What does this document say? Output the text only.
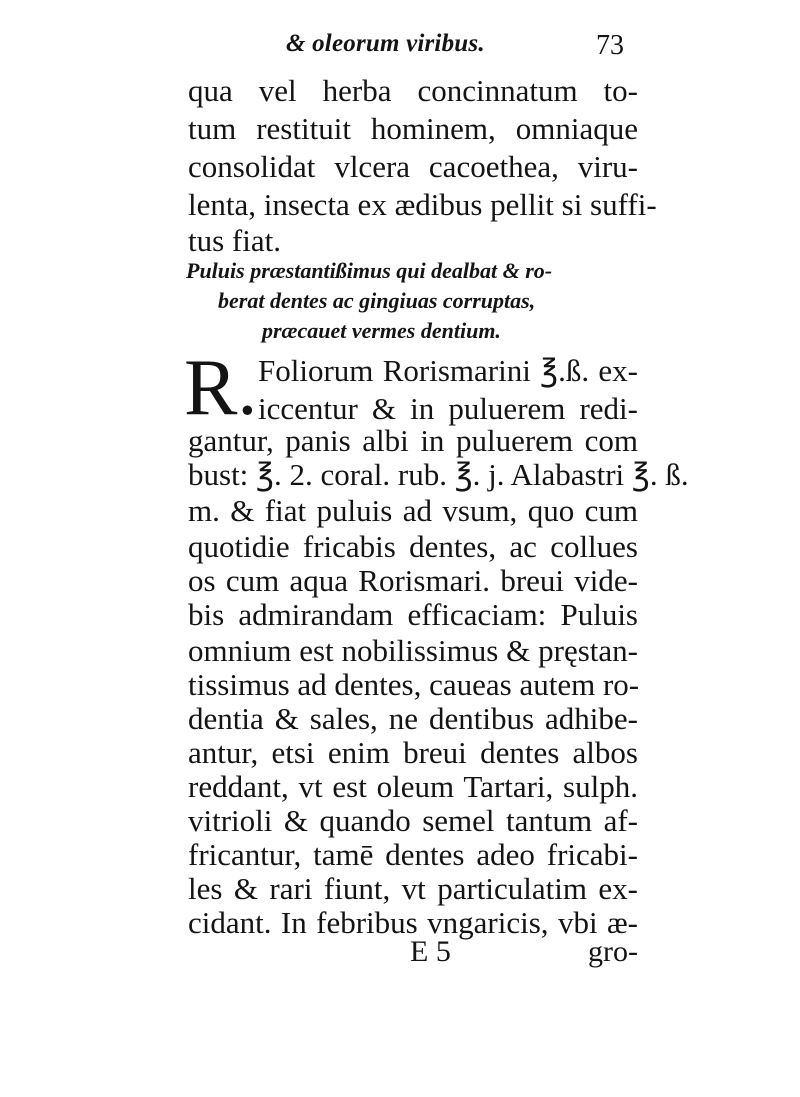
& oleorum viribus.	73
qua vel herba concinnatum to-
tum restituit hominem, omniaque
consolidat vlcera cacoethea, viru-
lenta, insecta ex ædibus pellit si suffi-
tus fiat.
Puluis præstantißimus qui dealbat & ro-
berat dentes ac gingiuas corruptas,
præcauet vermes dentium.
R. Foliorum Rorismarini ℥.ß. ex-
iccentur & in puluerem redi-
gantur, panis albi in puluerem com
bust: ℥. 2. coral. rub. ℥. j. Alabastri ℥. ß.
m. & fiat puluis ad vsum, quo cum
quotidie fricabis dentes, ac collues
os cum aqua Rorismari. breui vide-
bis admirandam efficaciam: Puluis
omnium est nobilissimus & pręstan-
tissimus ad dentes, caueas autem ro-
dentia & sales, ne dentibus adhibe-
antur, etsi enim breui dentes albos
reddant, vt est oleum Tartari, sulph.
vitrioli & quando semel tantum af-
fricantur, tamē dentes adeo fricabi-
les & rari fiunt, vt particulatim ex-
cidant. In febribus vngaricis, vbi æ-
E 5	gro-
